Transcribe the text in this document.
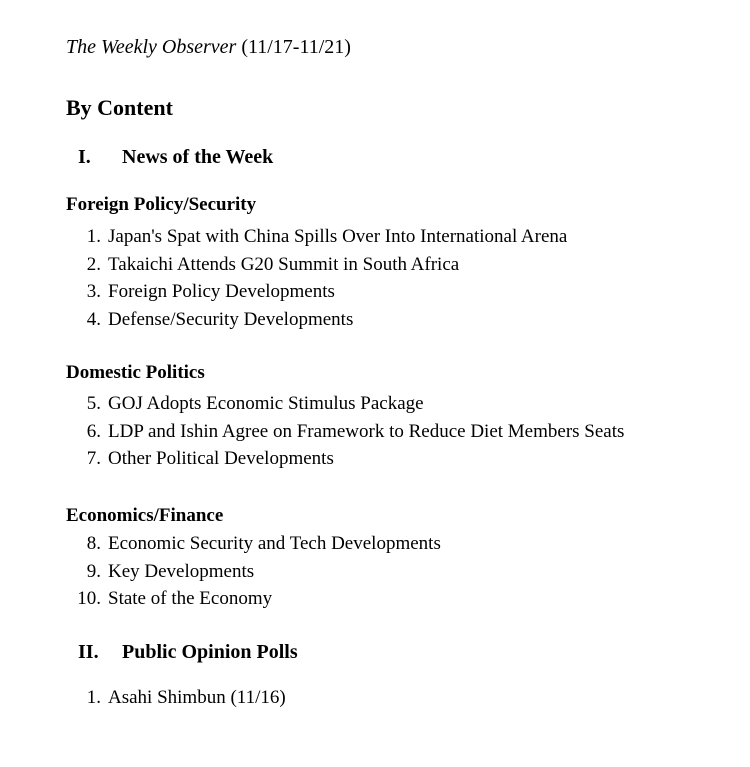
The Weekly Observer (11/17-11/21)
By Content
I. News of the Week
Foreign Policy/Security
1. Japan's Spat with China Spills Over Into International Arena
2. Takaichi Attends G20 Summit in South Africa
3. Foreign Policy Developments
4. Defense/Security Developments
Domestic Politics
5. GOJ Adopts Economic Stimulus Package
6. LDP and Ishin Agree on Framework to Reduce Diet Members Seats
7. Other Political Developments
Economics/Finance
8. Economic Security and Tech Developments
9. Key Developments
10. State of the Economy
II. Public Opinion Polls
1. Asahi Shimbun (11/16)
